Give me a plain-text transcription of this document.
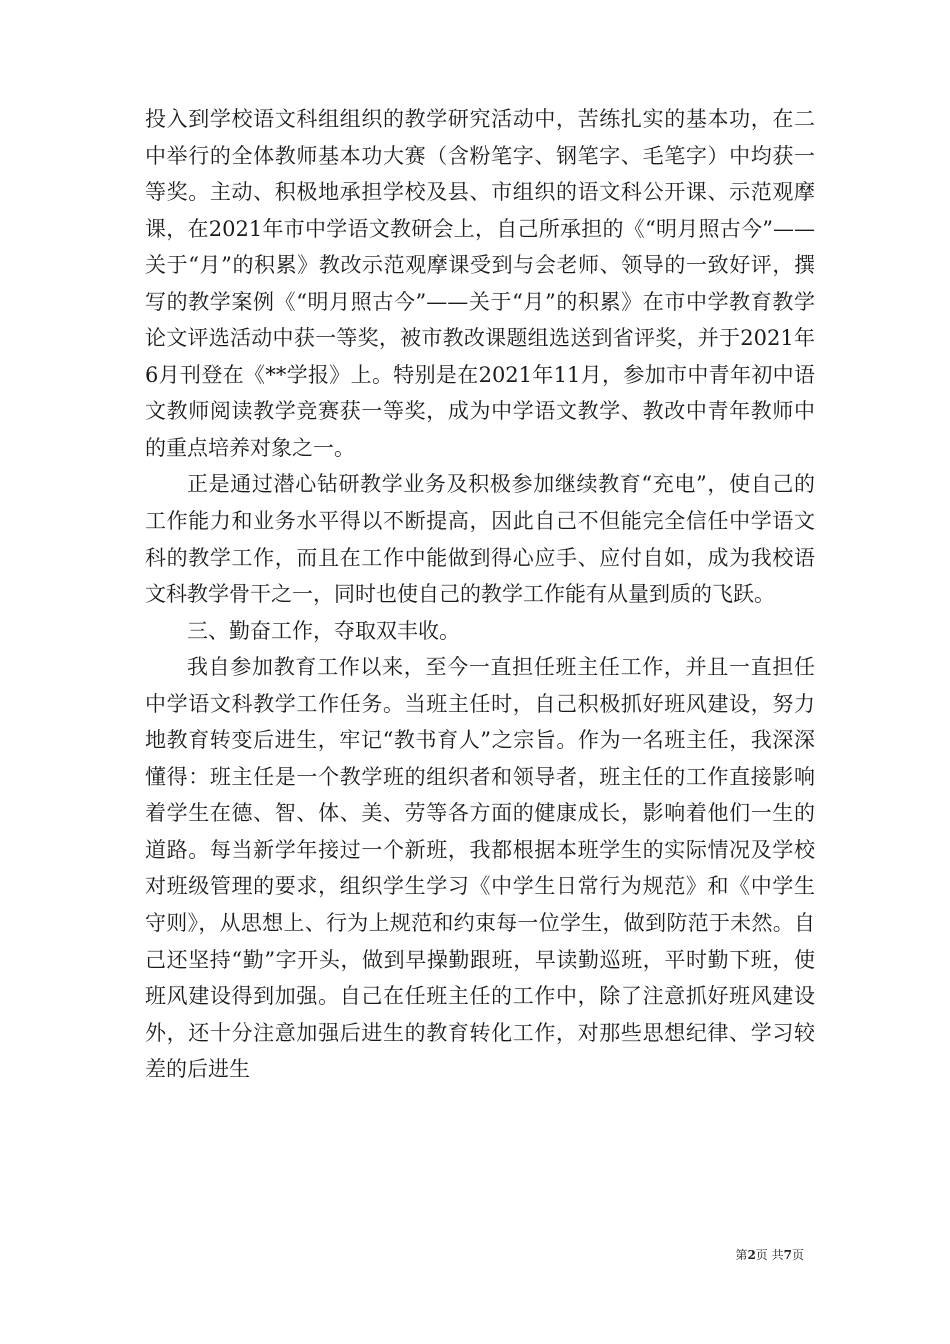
投入到学校语文科组组织的教学研究活动中，苦练扎实的基本功，在二中举行的全体教师基本功大赛（含粉笔字、钢笔字、毛笔字）中均获一等奖。主动、积极地承担学校及县、市组织的语文科公开课、示范观摩课，在2021年市中学语文教研会上，自己所承担的《“明月照古今”——关于“月”的积累》教改示范观摩课受到与会老师、领导的一致好评，撰写的教学案例《“明月照古今”——关于“月”的积累》在市中学教育教学论文评选活动中获一等奖，被市教改课题组选送到省评奖，并于2021年6月刊登在《**学报》上。特别是在2021年11月，参加市中青年初中语文教师阅读教学竞赛获一等奖，成为中学语文教学、教改中青年教师中的重点培养对象之一。

正是通过潜心钻研教学业务及积极参加继续教育“充电”，使自己的工作能力和业务水平得以不断提高，因此自己不但能完全信任中学语文科的教学工作，而且在工作中能做到得心应手、应付自如，成为我校语文科教学骨干之一，同时也使自己的教学工作能有从量到质的飞跃。

三、勤奋工作，夺取双丰收。

我自参加教育工作以来，至今一直担任班主任工作，并且一直担任中学语文科教学工作任务。当班主任时，自己积极抓好班风建设，努力地教育转变后进生，牢记“教书育人”之宗旨。作为一名班主任，我深深懂得：班主任是一个教学班的组织者和领导者，班主任的工作直接影响着学生在德、智、体、美、劳等各方面的健康成长，影响着他们一生的道路。每当新学年接过一个新班，我都根据本班学生的实际情况及学校对班级管理的要求，组织学生学习《中学生日常行为规范》和《中学生守则》，从思想上、行为上规范和约束每一位学生，做到防范于未然。自己还坚持“勤”字开头，做到早操勤跟班，早读勤巡班，平时勤下班，使班风建设得到加强。自己在任班主任的工作中，除了注意抓好班风建设外，还十分注意加强后进生的教育转化工作，对那些思想纪律、学习较差的后进生

第2页 共7页
